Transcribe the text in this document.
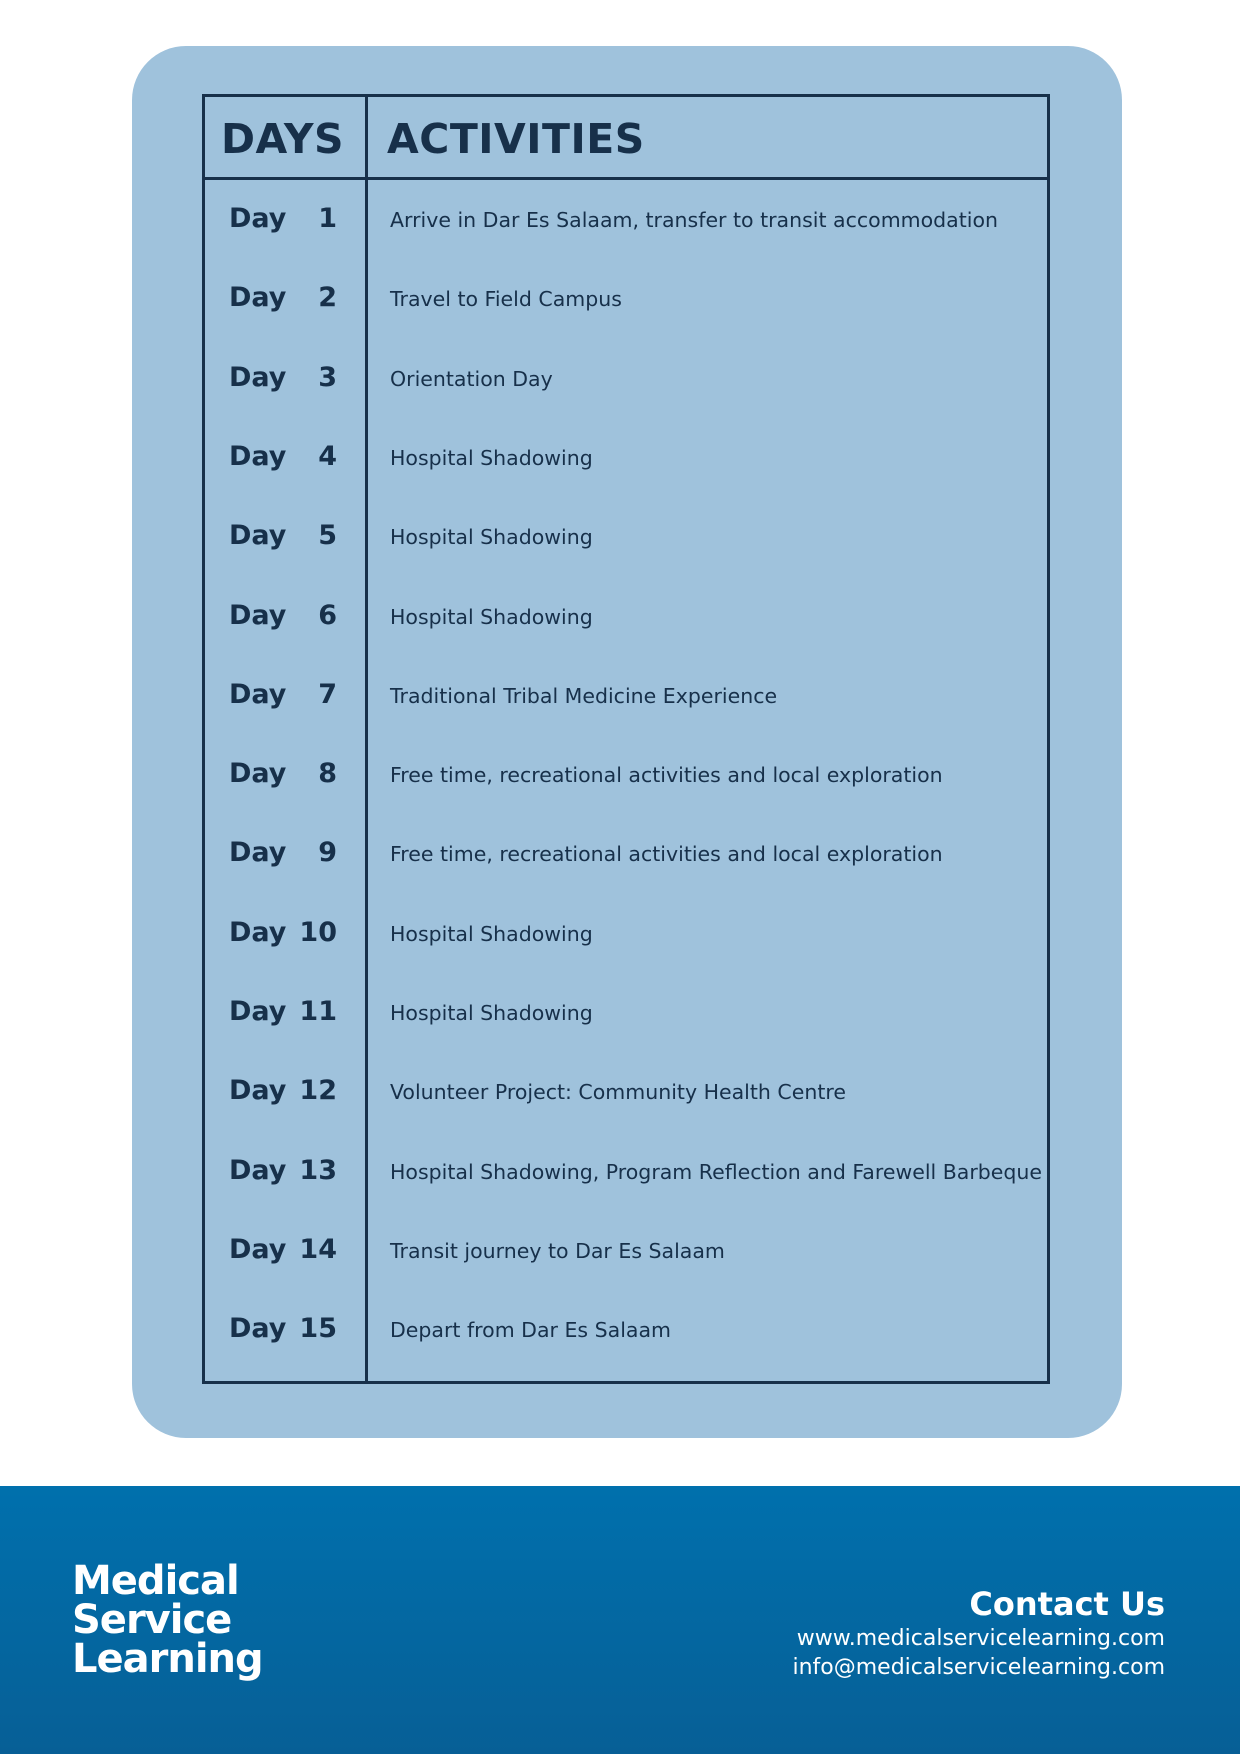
DAYS ACTIVITIES
Day	1	Arrive in Dar Es Salaam, transfer to transit accommodation
Day	2	Travel to Field Campus
Day	3	Orientation Day
Day	4	Hospital Shadowing
Day	5	Hospital Shadowing
Day	6	Hospital Shadowing
Day	7	Traditional Tribal Medicine Experience
Day	8	Free time, recreational activities and local exploration
Day	9	Free time, recreational activities and local exploration
Day 10	Hospital Shadowing
Day 11	Hospital Shadowing
Day 12	Volunteer Project: Community Health Centre
Day 13	Hospital Shadowing, Program Reflection and Farewell Barbeque
Day 14	Transit journey to Dar Es Salaam
Day 15	Depart from Dar Es Salaam
Medical
Service
Learning
Contact Us
www.medicalservicelearning.com
info@medicalservicelearning.com
